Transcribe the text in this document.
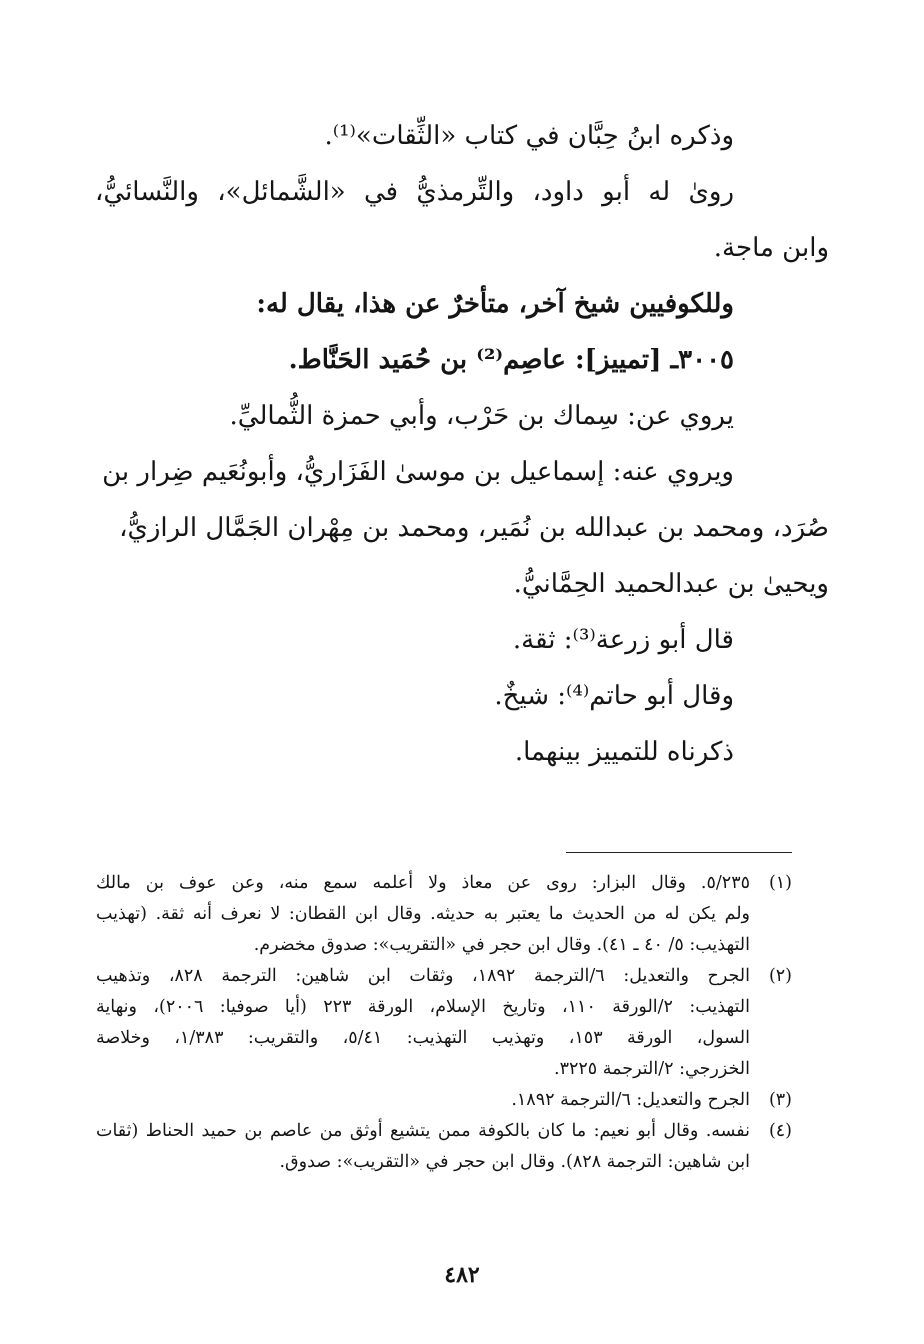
وذكره ابنُ حِبَّان في كتاب «الثِّقات»⁽¹⁾.

روىٰ له أبو داود، والتِّرمذيُّ في «الشَّمائل»، والنَّسائيُّ،
وابن ماجة.

وللكوفيين شيخ آخر، متأخرٌ عن هذا، يقال له:

٣٠٠٥ـ [تمييز]: عاصِم⁽²⁾ بن حُمَيد الحَنَّاط.

يروي عن: سِماك بن حَرْب، وأبي حمزة الثُّماليِّ.

ويروي عنه: إسماعيل بن موسىٰ الفَزَاريُّ، وأبونُعَيم ضِرار بن
صُرَد، ومحمد بن عبدالله بن نُمَير، ومحمد بن مِهْران الجَمَّال الرازيُّ،
ويحيىٰ بن عبدالحميد الحِمَّانيُّ.

قال أبو زرعة⁽³⁾: ثقة.

وقال أبو حاتم⁽⁴⁾: شيخٌ.

ذكرناه للتمييز بينهما.

(١)
٥/٢٣٥. وقال البزار: روى عن معاذ ولا أعلمه سمع منه، وعن عوف بن مالك
ولم يكن له من الحديث ما يعتبر به حديثه. وقال ابن القطان: لا نعرف أنه ثقة. (تهذيب
التهذيب: ٥/ ٤٠ ـ ٤١). وقال ابن حجر في «التقريب»: صدوق مخضرم.
(٢)
الجرح والتعديل: ٦/الترجمة ١٨٩٢، وثقات ابن شاهين: الترجمة ٨٢٨، وتذهيب
التهذيب: ٢/الورقة ١١٠، وتاريخ الإسلام، الورقة ٢٢٣ (أيا صوفيا: ٢٠٠٦)، ونهاية
السول، الورقة ١٥٣، وتهذيب التهذيب: ٥/٤١، والتقريب: ١/٣٨٣، وخلاصة
الخزرجي: ٢/الترجمة ٣٢٢٥.
(٣)
الجرح والتعديل: ٦/الترجمة ١٨٩٢.
(٤)
نفسه. وقال أبو نعيم: ما كان بالكوفة ممن يتشيع أوثق من عاصم بن حميد الحناط (ثقات
ابن شاهين: الترجمة ٨٢٨). وقال ابن حجر في «التقريب»: صدوق.
٤٨٢
